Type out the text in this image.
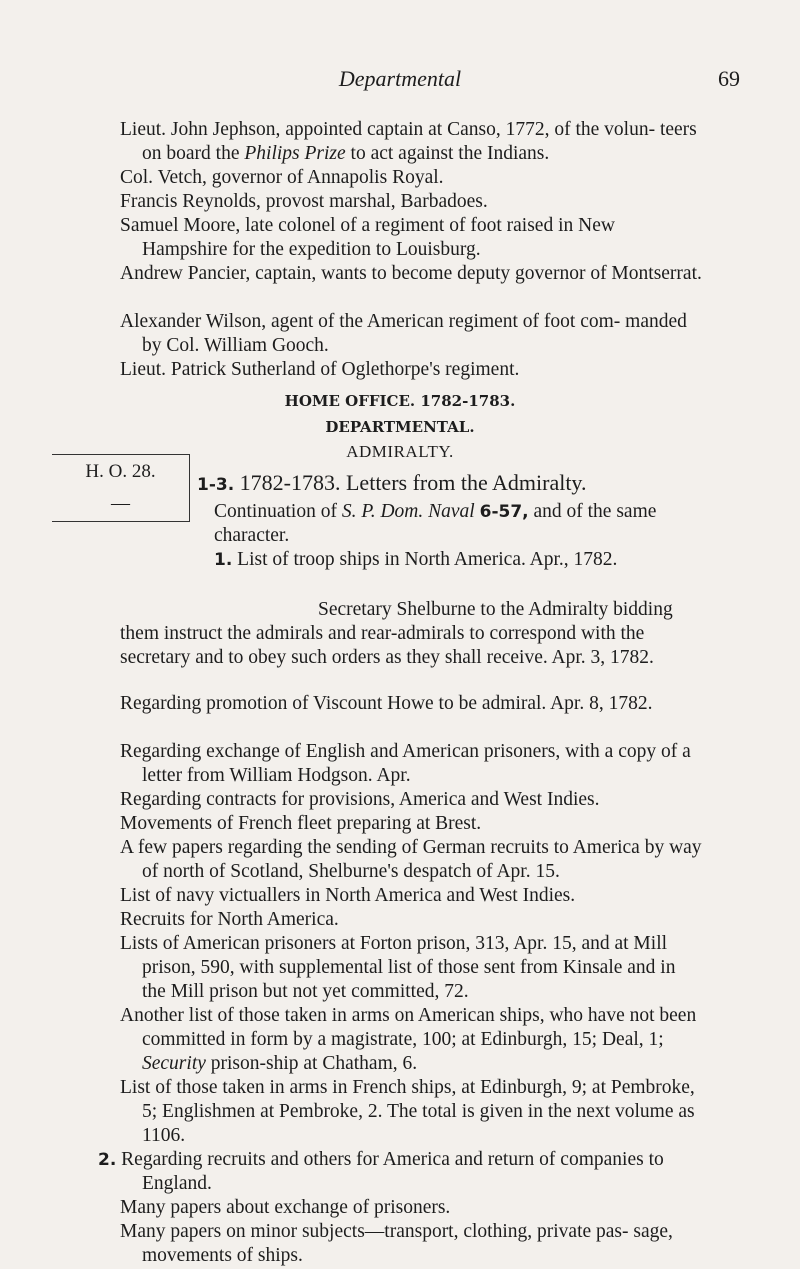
Departmental	69

Lieut. John Jephson, appointed captain at Canso, 1772, of the volun- teers on board the Philips Prize to act against the Indians.

Col. Vetch, governor of Annapolis Royal.

Francis Reynolds, provost marshal, Barbadoes.

Samuel Moore, late colonel of a regiment of foot raised in New Hampshire for the expedition to Louisburg.

Andrew Pancier, captain, wants to become deputy governor of Montserrat.

Alexander Wilson, agent of the American regiment of foot com- manded by Col. William Gooch.

Lieut. Patrick Sutherland of Oglethorpe's regiment.

HOME OFFICE. 1782-1783.
DEPARTMENTAL.
ADMIRALTY.
H. O. 28.
—
1-3. 1782-1783. Letters from the Admiralty.
Continuation of S. P. Dom. Naval 6-57, and of the same character.
1. List of troop ships in North America. Apr., 1782.

Secretary Shelburne to the Admiralty bidding them instruct the admirals and rear-admirals to correspond with the secretary and to obey such orders as they shall receive. Apr. 3, 1782.

Regarding promotion of Viscount Howe to be admiral. Apr. 8, 1782.

Regarding exchange of English and American prisoners, with a copy of a letter from William Hodgson. Apr.

Regarding contracts for provisions, America and West Indies.

Movements of French fleet preparing at Brest.

A few papers regarding the sending of German recruits to America by way of north of Scotland, Shelburne's despatch of Apr. 15.

List of navy victuallers in North America and West Indies.

Recruits for North America.

Lists of American prisoners at Forton prison, 313, Apr. 15, and at Mill prison, 590, with supplemental list of those sent from Kinsale and in the Mill prison but not yet committed, 72.

Another list of those taken in arms on American ships, who have not been committed in form by a magistrate, 100; at Edinburgh, 15; Deal, 1; Security prison-ship at Chatham, 6.

List of those taken in arms in French ships, at Edinburgh, 9; at Pembroke, 5; Englishmen at Pembroke, 2. The total is given in the next volume as 1106.

2. Regarding recruits and others for America and return of companies to England.

Many papers about exchange of prisoners.

Many papers on minor subjects—transport, clothing, private pas- sage, movements of ships.
